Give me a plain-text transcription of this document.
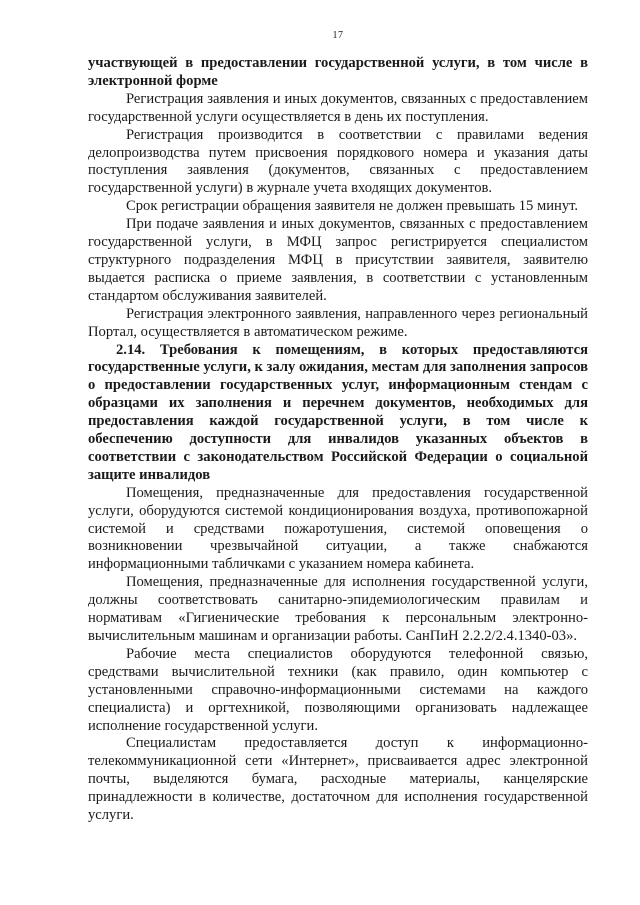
17

участвующей в предоставлении государственной услуги, в том числе в электронной форме

Регистрация заявления и иных документов, связанных с предоставлением государственной услуги осуществляется в день их поступления.

Регистрация производится в соответствии с правилами ведения делопроизводства путем присвоения порядкового номера и указания даты поступления заявления (документов, связанных с предоставлением государственной услуги) в журнале учета входящих документов.

Срок регистрации обращения заявителя не должен превышать 15 минут.

При подаче заявления и иных документов, связанных с предоставлением государственной услуги, в МФЦ запрос регистрируется специалистом структурного подразделения МФЦ в присутствии заявителя, заявителю выдается расписка о приеме заявления, в соответствии с установленным стандартом обслуживания заявителей.

Регистрация электронного заявления, направленного через региональный Портал, осуществляется в автоматическом режиме.

2.14. Требования к помещениям, в которых предоставляются государственные услуги, к залу ожидания, местам для заполнения запросов о предоставлении государственных услуг, информационным стендам с образцами их заполнения и перечнем документов, необходимых для предоставления каждой государственной услуги, в том числе к обеспечению доступности для инвалидов указанных объектов в соответствии с законодательством Российской Федерации о социальной защите инвалидов

Помещения, предназначенные для предоставления государственной услуги, оборудуются системой кондиционирования воздуха, противопожарной системой и средствами пожаротушения, системой оповещения о возникновении чрезвычайной ситуации, а также снабжаются информационными табличками с указанием номера кабинета.

Помещения, предназначенные для исполнения государственной услуги, должны соответствовать санитарно-эпидемиологическим правилам и нормативам «Гигиенические требования к персональным электронно-вычислительным машинам и организации работы. СанПиН 2.2.2/2.4.1340-03».

Рабочие места специалистов оборудуются телефонной связью, средствами вычислительной техники (как правило, один компьютер с установленными справочно-информационными системами на каждого специалиста) и оргтехникой, позволяющими организовать надлежащее исполнение государственной услуги.

Специалистам предоставляется доступ к информационно-телекоммуникационной сети «Интернет», присваивается адрес электронной почты, выделяются бумага, расходные материалы, канцелярские принадлежности в количестве, достаточном для исполнения государственной услуги.
